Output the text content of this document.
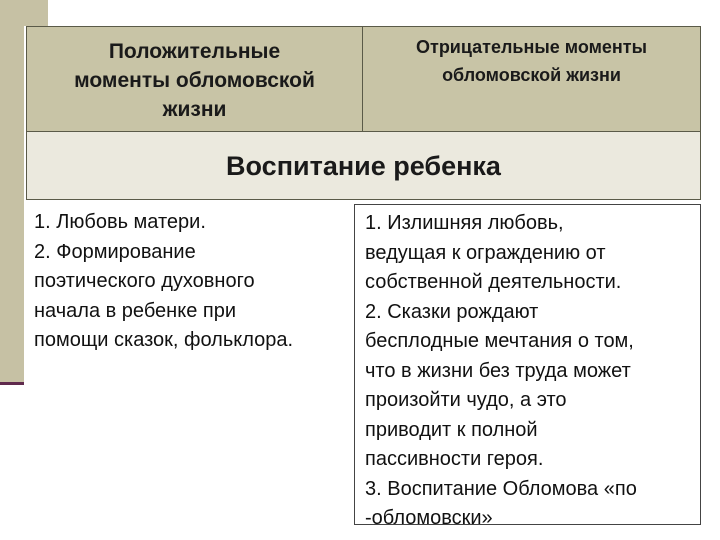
Положительные
моменты обломовской
жизни
Отрицательные моменты
обломовской жизни
Воспитание ребенка
1. Любовь матери.
2. Формирование
поэтического духовного
начала в ребенке при
помощи сказок, фольклора.
1. Излишняя любовь,
ведущая к ограждению от
собственной деятельности.
2. Сказки рождают
бесплодные мечтания о том,
что в жизни без труда может
произойти чудо, а это
приводит к полной
пассивности героя.
3. Воспитание Обломова «по
-обломовски»
